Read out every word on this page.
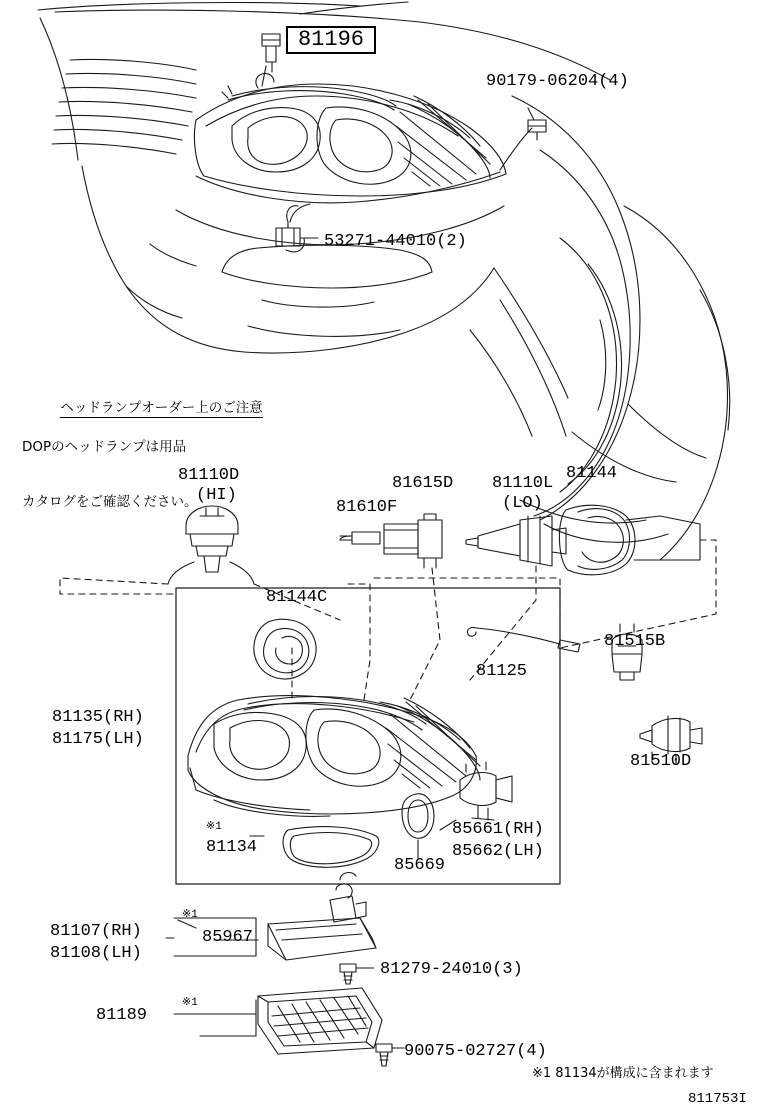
81196
90179-06204(4)
53271-44010(2)

ヘッドランプオーダー上のご注意

DOPのヘッドランプは用品

カタログをご確認ください。

81110D
(HI)
81610F
81615D 81110L
(LO)
81144
81144C
81125
81515B
81510D
81135(RH)
81175(LH)
※1
81134
85669
85661(RH)
85662(LH)
※1
81107(RH)
81108(LH)
85967
81279-24010(3)
※1
81189
90075-02727(4)
※1 81134が構成に含まれます
811753I
